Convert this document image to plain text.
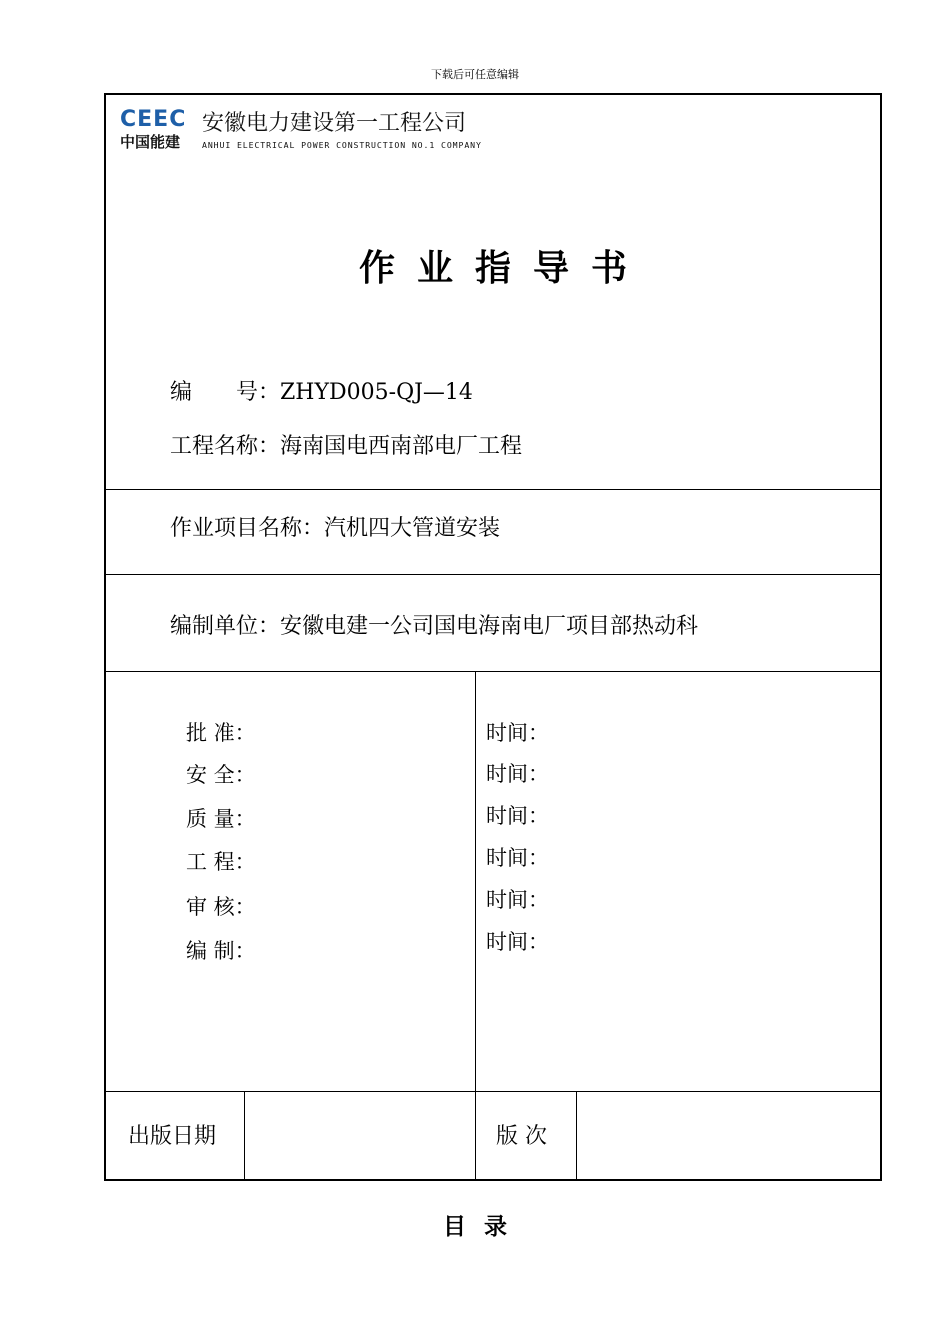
下载后可任意编辑
CEEC
中国能建
安徽电力建设第一工程公司
ANHUI ELECTRICAL POWER CONSTRUCTION NO.1 COMPANY
作业指导书
编　　号：ZHYD005-QJ—14
工程名称：海南国电西南部电厂工程
作业项目名称：汽机四大管道安装
编制单位：安徽电建一公司国电海南电厂项目部热动科
批 准：
安 全：
质 量：
工 程：
审 核：
编 制：
时间：
时间：
时间：
时间：
时间：
时间：
出版日期	版 次
目录
